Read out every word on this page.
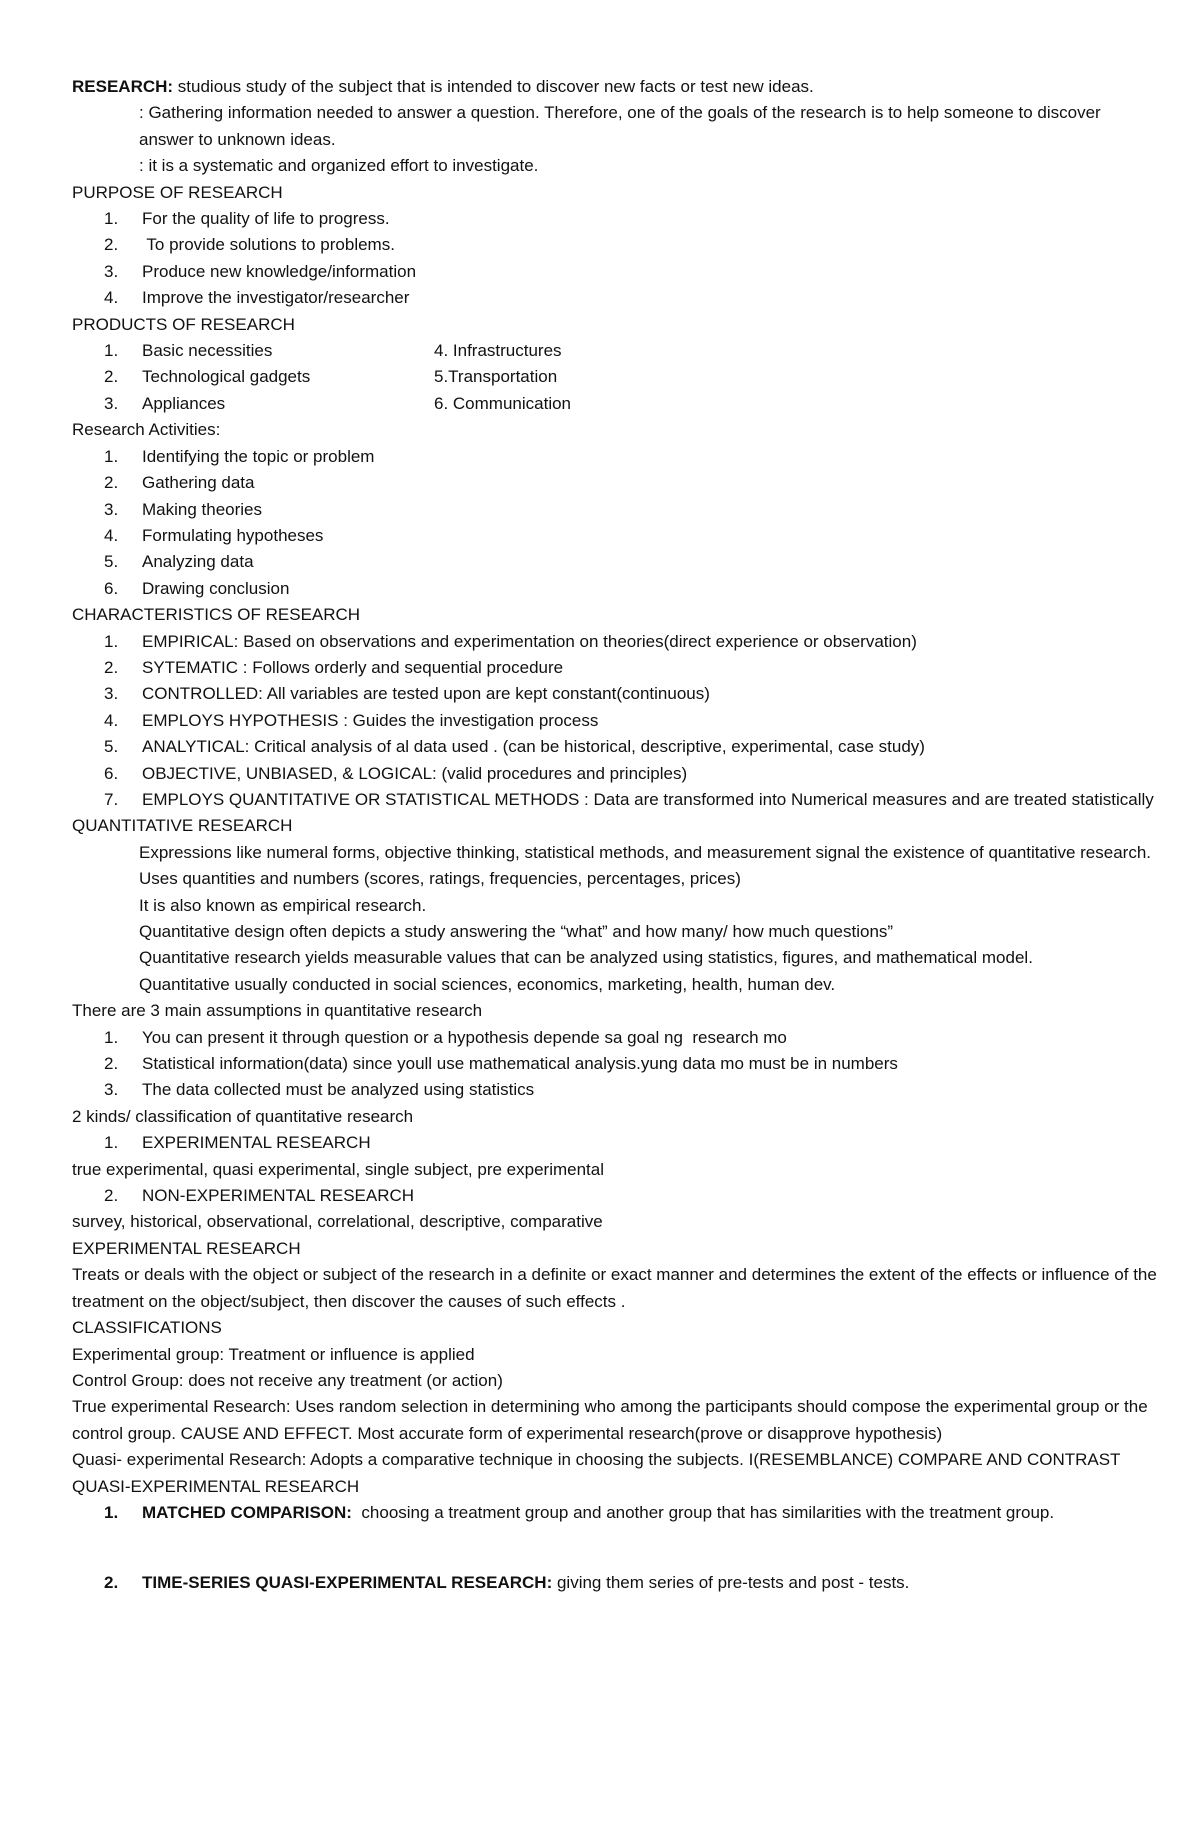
RESEARCH: studious study of the subject that is intended to discover new facts or test new ideas.

: Gathering information needed to answer a question. Therefore, one of the goals of the research is to help someone to discover answer to unknown ideas.

: it is a systematic and organized effort to investigate.

PURPOSE OF RESEARCH

1.	For the quality of life to progress.
2.	To provide solutions to problems.
3.	Produce new knowledge/information
4.	Improve the investigator/researcher

PRODUCTS OF RESEARCH

1.	Basic necessities	4. Infrastructures
2.	Technological gadgets	5.Transportation
3.	Appliances	6. Communication

Research Activities:

1.	Identifying the topic or problem
2.	Gathering data
3.	Making theories
4.	Formulating hypotheses
5.	Analyzing data
6.	Drawing conclusion

CHARACTERISTICS OF RESEARCH

1.	EMPIRICAL: Based on observations and experimentation on theories(direct experience or observation)
2.	SYTEMATIC : Follows orderly and sequential procedure
3.	CONTROLLED: All variables are tested upon are kept constant(continuous)
4.	EMPLOYS HYPOTHESIS : Guides the investigation process
5.	ANALYTICAL: Critical analysis of al data used . (can be historical, descriptive, experimental, case study)
6.	OBJECTIVE, UNBIASED, & LOGICAL: (valid procedures and principles)
7.	EMPLOYS QUANTITATIVE OR STATISTICAL METHODS : Data are transformed into Numerical measures and are treated statistically

QUANTITATIVE RESEARCH

Expressions like numeral forms, objective thinking, statistical methods, and measurement signal the existence of quantitative research.

Uses quantities and numbers (scores, ratings, frequencies, percentages, prices)

It is also known as empirical research.

Quantitative design often depicts a study answering the “what” and how many/ how much questions”

Quantitative research yields measurable values that can be analyzed using statistics, figures, and mathematical model.

Quantitative usually conducted in social sciences, economics, marketing, health, human dev.

There are 3 main assumptions in quantitative research

1.	You can present it through question or a hypothesis depende sa goal ng  research mo
2.	Statistical information(data) since youll use mathematical analysis.yung data mo must be in numbers
3.	The data collected must be analyzed using statistics

2 kinds/ classification of quantitative research

1.	EXPERIMENTAL RESEARCH

true experimental, quasi experimental, single subject, pre experimental

2.	NON-EXPERIMENTAL RESEARCH

survey, historical, observational, correlational, descriptive, comparative

EXPERIMENTAL RESEARCH

Treats or deals with the object or subject of the research in a definite or exact manner and determines the extent of the effects or influence of the treatment on the object/subject, then discover the causes of such effects .

CLASSIFICATIONS

Experimental group: Treatment or influence is applied

Control Group: does not receive any treatment (or action)

True experimental Research: Uses random selection in determining who among the participants should compose the experimental group or the control group. CAUSE AND EFFECT. Most accurate form of experimental research(prove or disapprove hypothesis)

Quasi- experimental Research: Adopts a comparative technique in choosing the subjects. I(RESEMBLANCE) COMPARE AND CONTRAST

QUASI-EXPERIMENTAL RESEARCH

1.	MATCHED COMPARISON:  choosing a treatment group and another group that has similarities with the treatment group.
2.	TIME-SERIES QUASI-EXPERIMENTAL RESEARCH: giving them series of pre-tests and post - tests.
